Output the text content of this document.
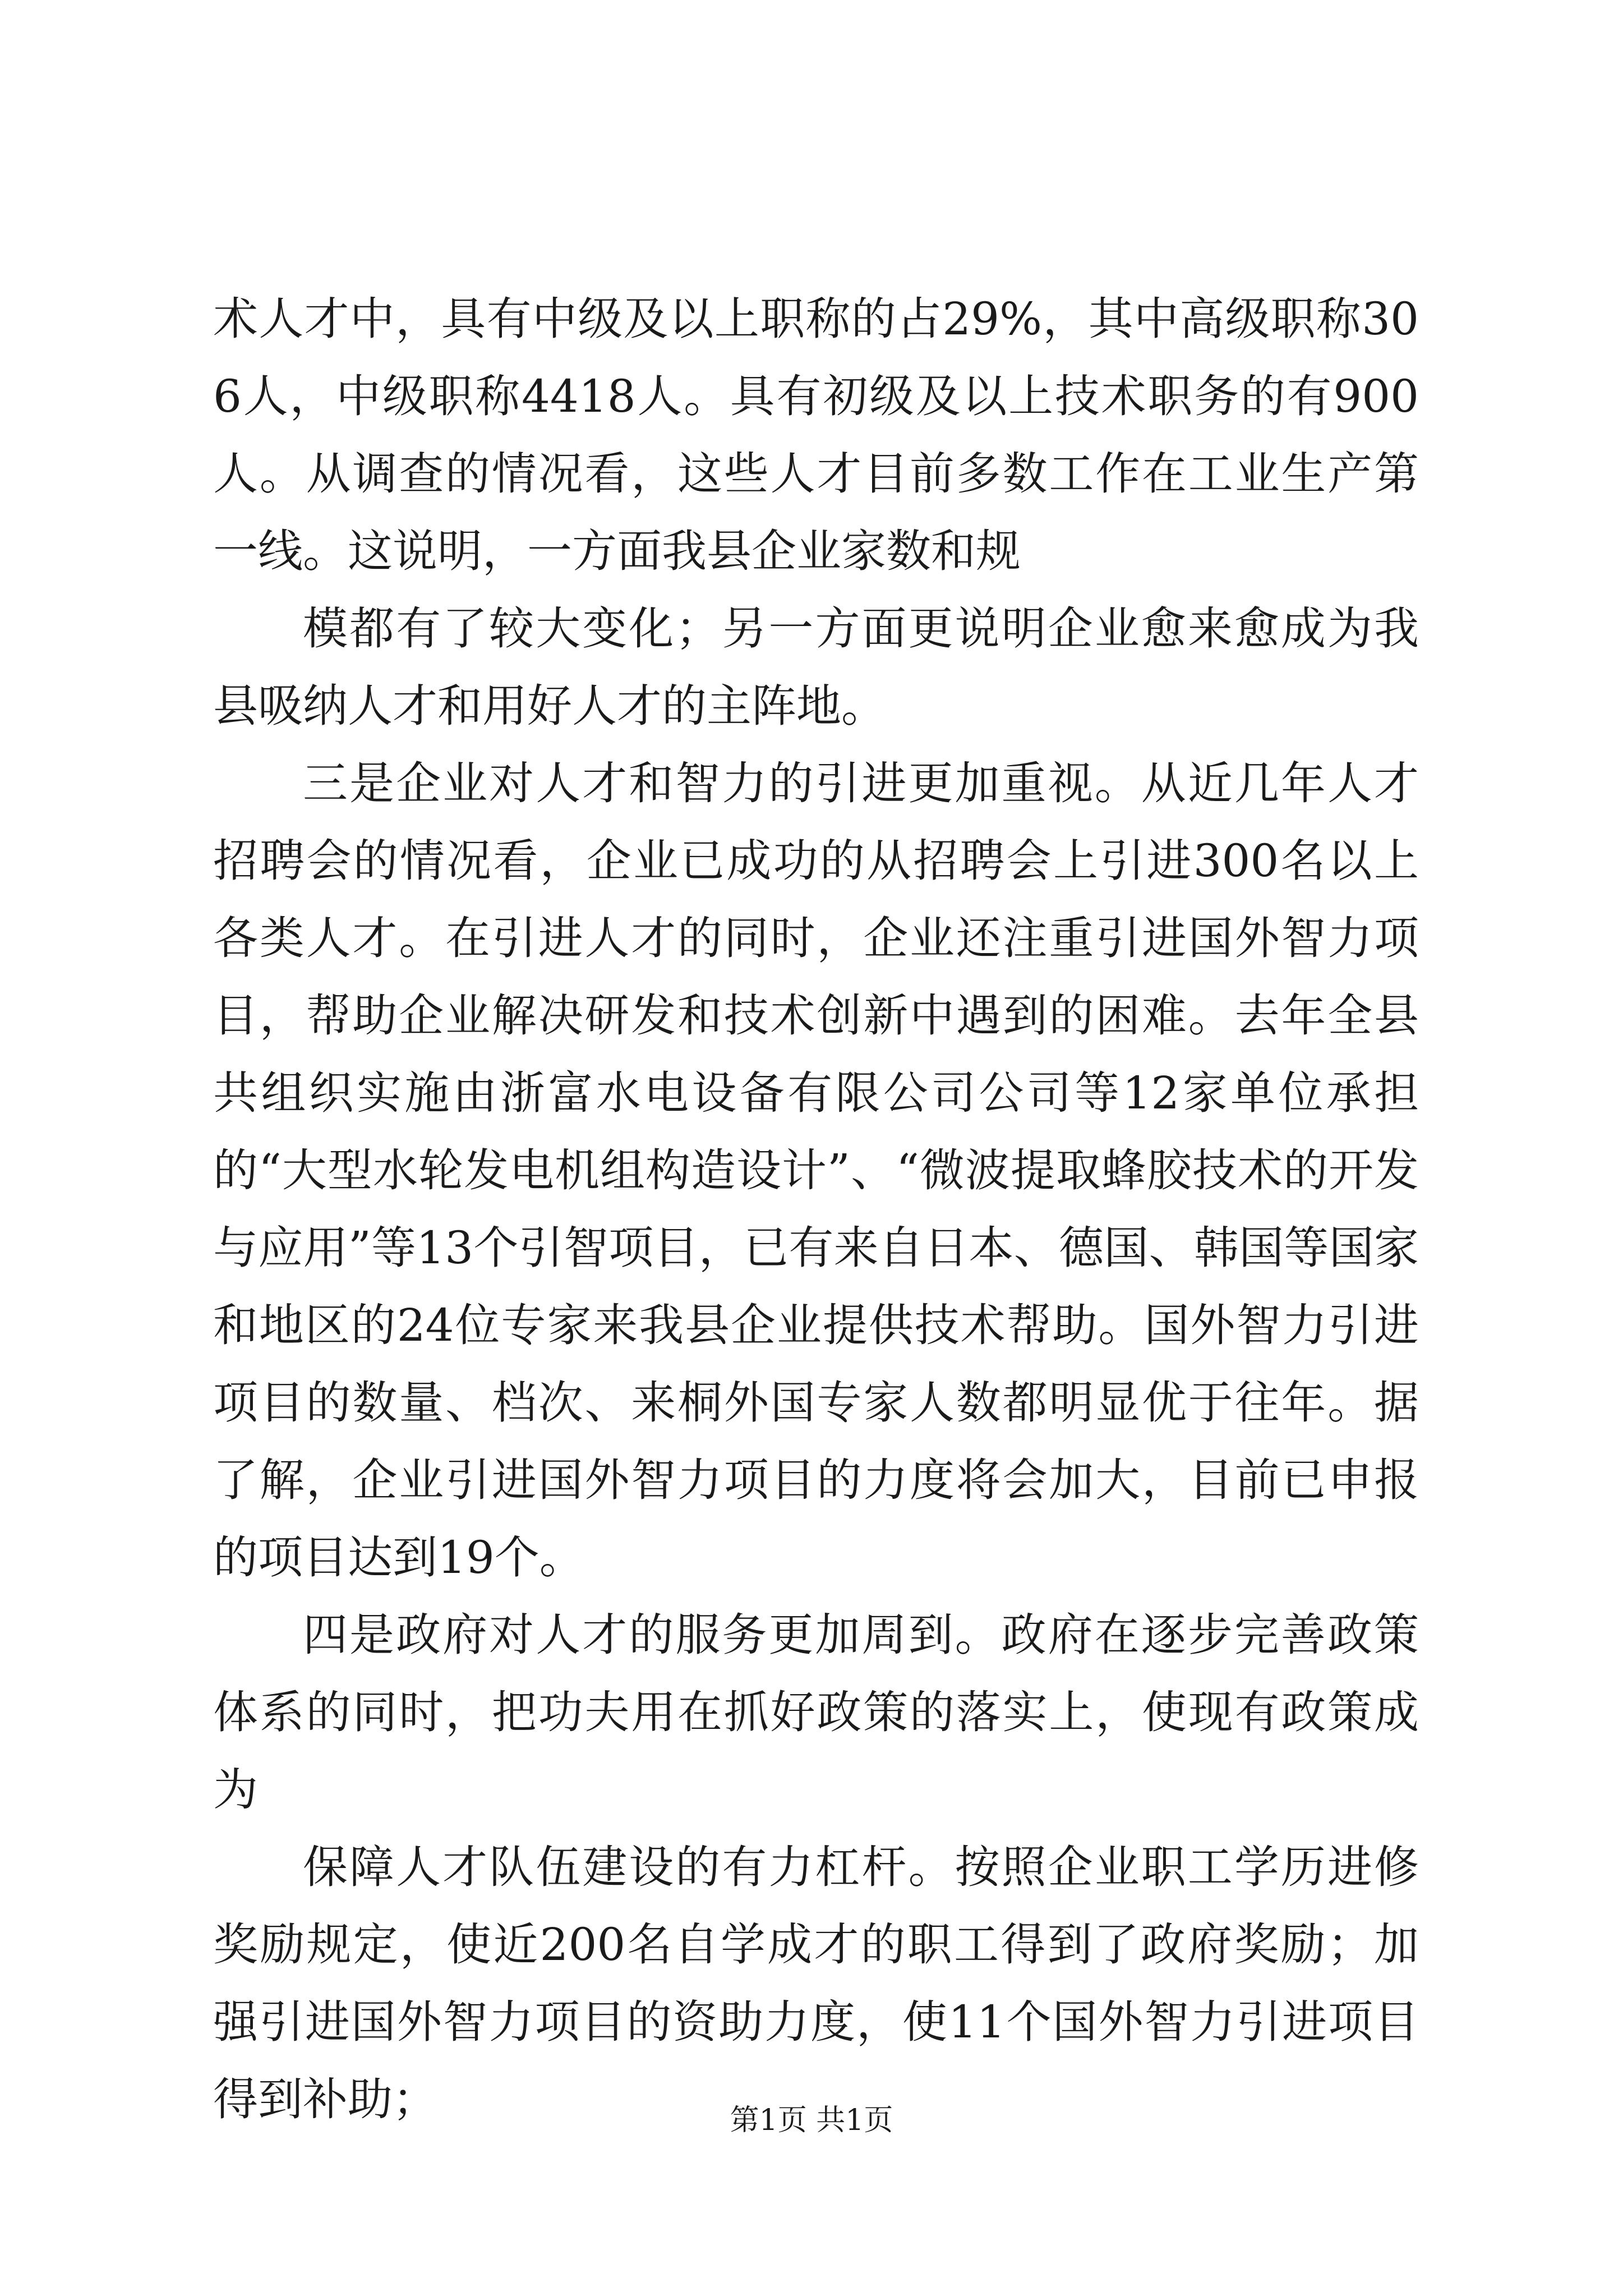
术人才中，具有中级及以上职称的占29%，其中高级职称306人，中级职称4418人。具有初级及以上技术职务的有900人。从调查的情况看，这些人才目前多数工作在工业生产第一线。这说明，一方面我县企业家数和规

模都有了较大变化；另一方面更说明企业愈来愈成为我县吸纳人才和用好人才的主阵地。

三是企业对人才和智力的引进更加重视。从近几年人才招聘会的情况看，企业已成功的从招聘会上引进300名以上各类人才。在引进人才的同时，企业还注重引进国外智力项目，帮助企业解决研发和技术创新中遇到的困难。去年全县共组织实施由浙富水电设备有限公司公司等12家单位承担的“大型水轮发电机组构造设计”、“微波提取蜂胶技术的开发与应用”等13个引智项目，已有来自日本、德国、韩国等国家和地区的24位专家来我县企业提供技术帮助。国外智力引进项目的数量、档次、来桐外国专家人数都明显优于往年。据了解，企业引进国外智力项目的力度将会加大，目前已申报的项目达到19个。

四是政府对人才的服务更加周到。政府在逐步完善政策体系的同时，把功夫用在抓好政策的落实上，使现有政策成为

保障人才队伍建设的有力杠杆。按照企业职工学历进修奖励规定，使近200名自学成才的职工得到了政府奖励；加强引进国外智力项目的资助力度，使11个国外智力引进项目得到补助；	第1页 共1页
